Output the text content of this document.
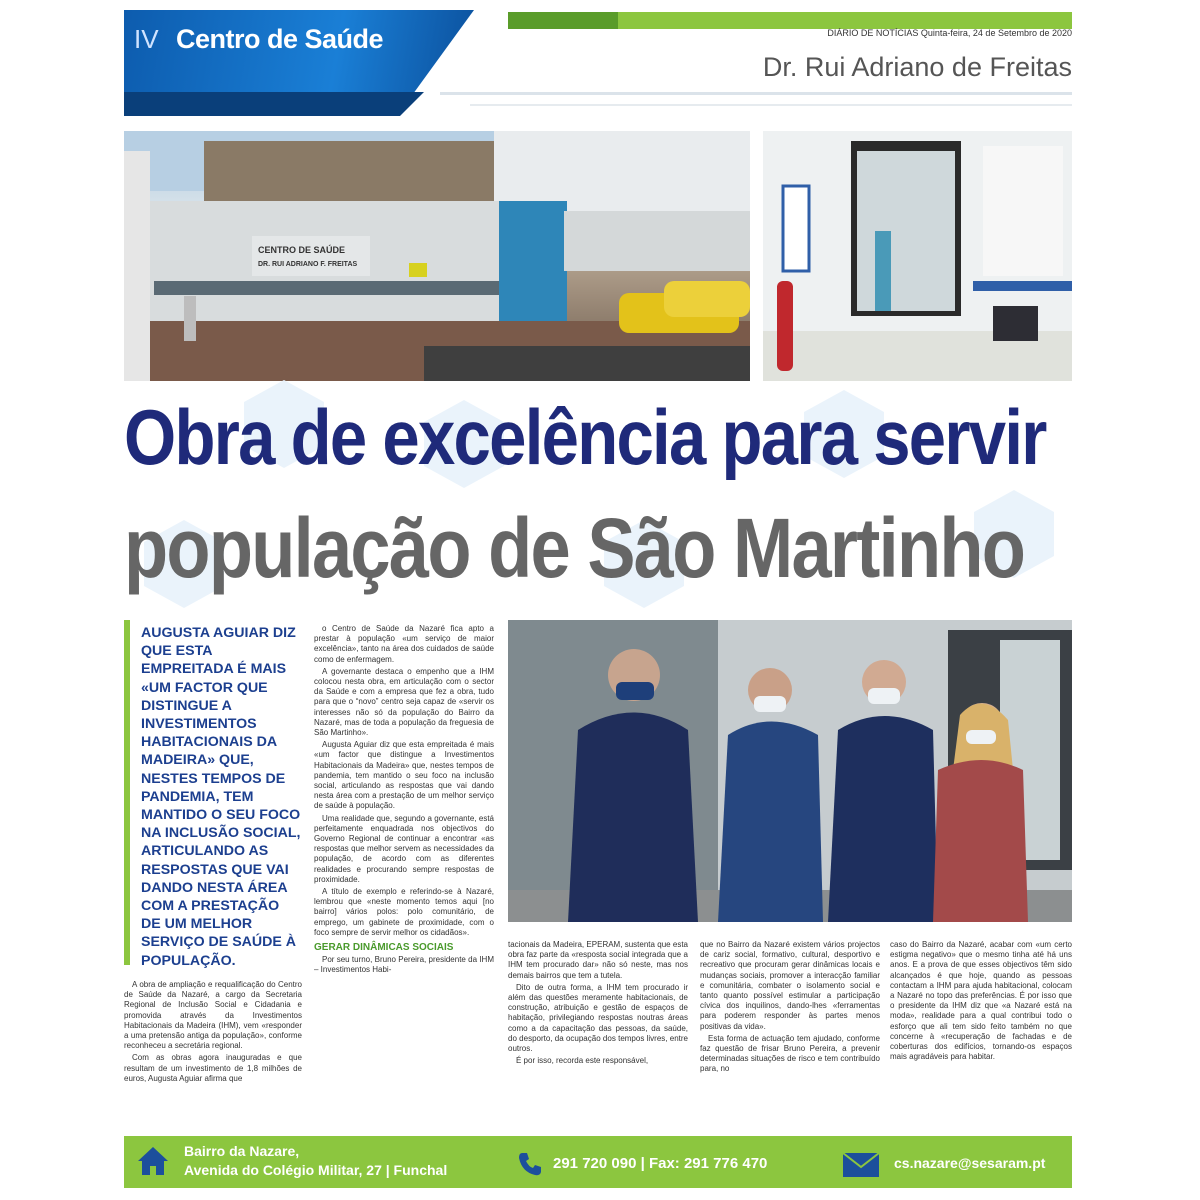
IV Centro de Saúde	DIÁRIO DE NOTÍCIAS Quinta-feira, 24 de Setembro de 2020
Dr. Rui Adriano de Freitas
CENTRO DE SAÚDE
DR. RUI ADRIANO F. FREITAS
Obra de excelência para servir
população de São Martinho
AUGUSTA AGUIAR DIZ QUE ESTA EMPREITADA É MAIS «UM FACTOR QUE DISTINGUE A INVESTIMENTOS HABITACIONAIS DA MADEIRA» QUE, NESTES TEMPOS DE PANDEMIA, TEM MANTIDO O SEU FOCO NA INCLUSÃO SOCIAL, ARTICULANDO AS RESPOSTAS QUE VAI DANDO NESTA ÁREA COM A PRESTAÇÃO DE UM MELHOR SERVIÇO DE SAÚDE À POPULAÇÃO.

A obra de ampliação e requalificação do Centro de Saúde da Nazaré, a cargo da Secretaria Regional de Inclusão Social e Cidadania e promovida através da Investimentos Habitacionais da Madeira (IHM), vem «responder a uma pretensão antiga da população», conforme reconheceu a secretária regional.

Com as obras agora inauguradas e que resultam de um investimento de 1,8 milhões de euros, Augusta Aguiar afirma que

o Centro de Saúde da Nazaré fica apto a prestar à população «um serviço de maior excelência», tanto na área dos cuidados de saúde como de enfermagem.

A governante destaca o empenho que a IHM colocou nesta obra, em articulação com o sector da Saúde e com a empresa que fez a obra, tudo para que o “novo” centro seja capaz de «servir os interesses não só da população do Bairro da Nazaré, mas de toda a população da freguesia de São Martinho».

Augusta Aguiar diz que esta empreitada é mais «um factor que distingue a Investimentos Habitacionais da Madeira» que, nestes tempos de pandemia, tem mantido o seu foco na inclusão social, articulando as respostas que vai dando nesta área com a prestação de um melhor serviço de saúde à população.

Uma realidade que, segundo a governante, está perfeitamente enquadrada nos objectivos do Governo Regional de continuar a encontrar «as respostas que melhor servem as necessidades da população, de acordo com as diferentes realidades e procurando sempre respostas de proximidade.

A título de exemplo e referindo-se à Nazaré, lembrou que «neste momento temos aqui [no bairro] vários polos: polo comunitário, de emprego, um gabinete de proximidade, com o foco sempre de servir melhor os cidadãos».

GERAR DINÂMICAS SOCIAIS

Por seu turno, Bruno Pereira, presidente da IHM – Investimentos Habi-

tacionais da Madeira, EPERAM, sustenta que esta obra faz parte da «resposta social integrada que a IHM tem procurado dar» não só neste, mas nos demais bairros que tem a tutela.

Dito de outra forma, a IHM tem procurado ir além das questões meramente habitacionais, de construção, atribuição e gestão de espaços de habitação, privilegiando respostas noutras áreas como a da capacitação das pessoas, da saúde, do desporto, da ocupação dos tempos livres, entre outros.

É por isso, recorda este responsável,

que no Bairro da Nazaré existem vários projectos de cariz social, formativo, cultural, desportivo e recreativo que procuram gerar dinâmicas locais e mudanças sociais, promover a interacção familiar e comunitária, combater o isolamento social e tanto quanto possível estimular a participação cívica dos inquilinos, dando-lhes «ferramentas para poderem responder às partes menos positivas da vida».

Esta forma de actuação tem ajudado, conforme faz questão de frisar Bruno Pereira, a prevenir determinadas situações de risco e tem contribuído para, no

caso do Bairro da Nazaré, acabar com «um certo estigma negativo» que o mesmo tinha até há uns anos. E a prova de que esses objectivos têm sido alcançados é que hoje, quando as pessoas contactam a IHM para ajuda habitacional, colocam a Nazaré no topo das preferências. É por isso que o presidente da IHM diz que «a Nazaré está na moda», realidade para a qual contribui todo o esforço que ali tem sido feito também no que concerne à «recuperação de fachadas e de coberturas dos edifícios, tornando-os espaços mais agradáveis para habitar.

Bairro da Nazare,
Avenida do Colégio Militar, 27 | Funchal	291 720 090 | Fax: 291 776 470	cs.nazare@sesaram.pt
